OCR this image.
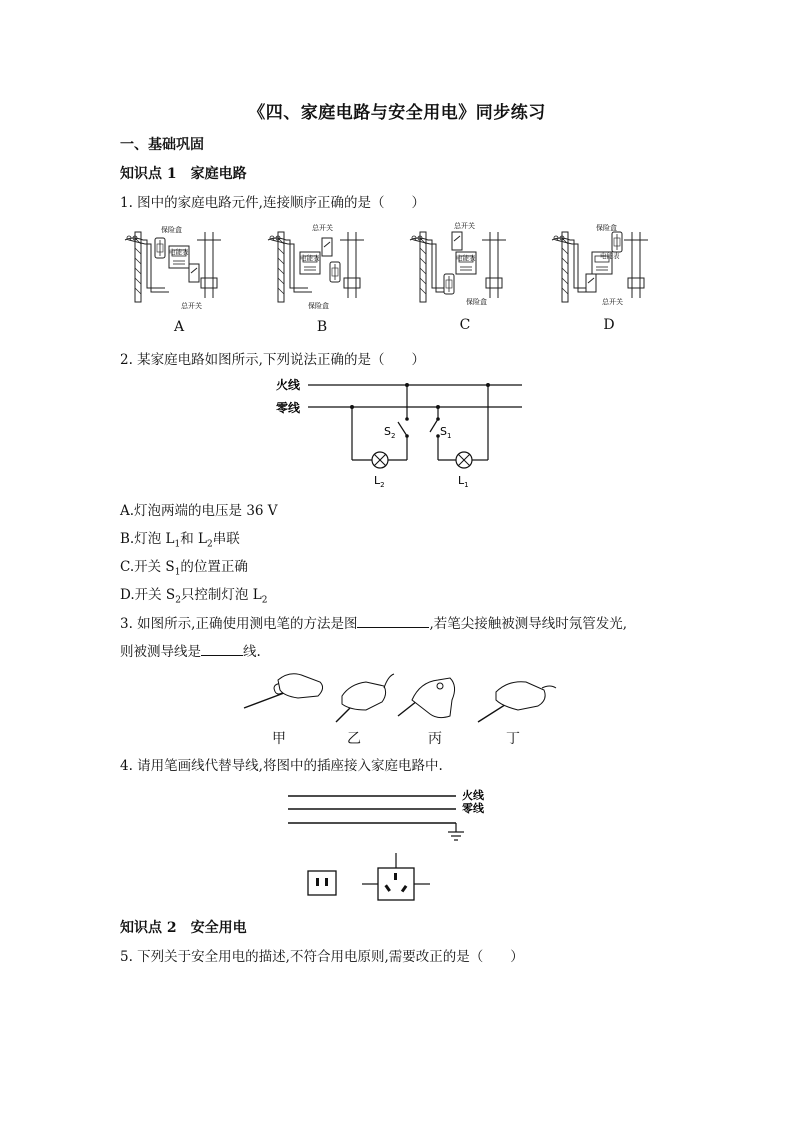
《四、家庭电路与安全用电》同步练习
一、基础巩固
知识点 1　家庭电路
1. 图中的家庭电路元件,连接顺序正确的是（　　）
保险盒
电能表
总开关
总开关
电能表
保险盒
总开关
电能表
保险盒
保险盒
电能表
总开关
A	B	C	D
2. 某家庭电路如图所示,下列说法正确的是（　　）
火线
零线
$S_2$
$L_2$
$S_1$
$L_1$
A.灯泡两端的电压是 36 V
B.灯泡 $L_1$和 $L_2$串联
C.开关 $S_1$的位置正确
D.开关 $S_2$只控制灯泡 $L_2$
3. 如图所示,正确使用测电笔的方法是图	,若笔尖接触被测导线时氖管发光,
则被测导线是	线.
甲	乙	丙	丁
4. 请用笔画线代替导线,将图中的插座接入家庭电路中.
火线
零线
知识点 2　安全用电
5. 下列关于安全用电的描述,不符合用电原则,需要改正的是（　　）
